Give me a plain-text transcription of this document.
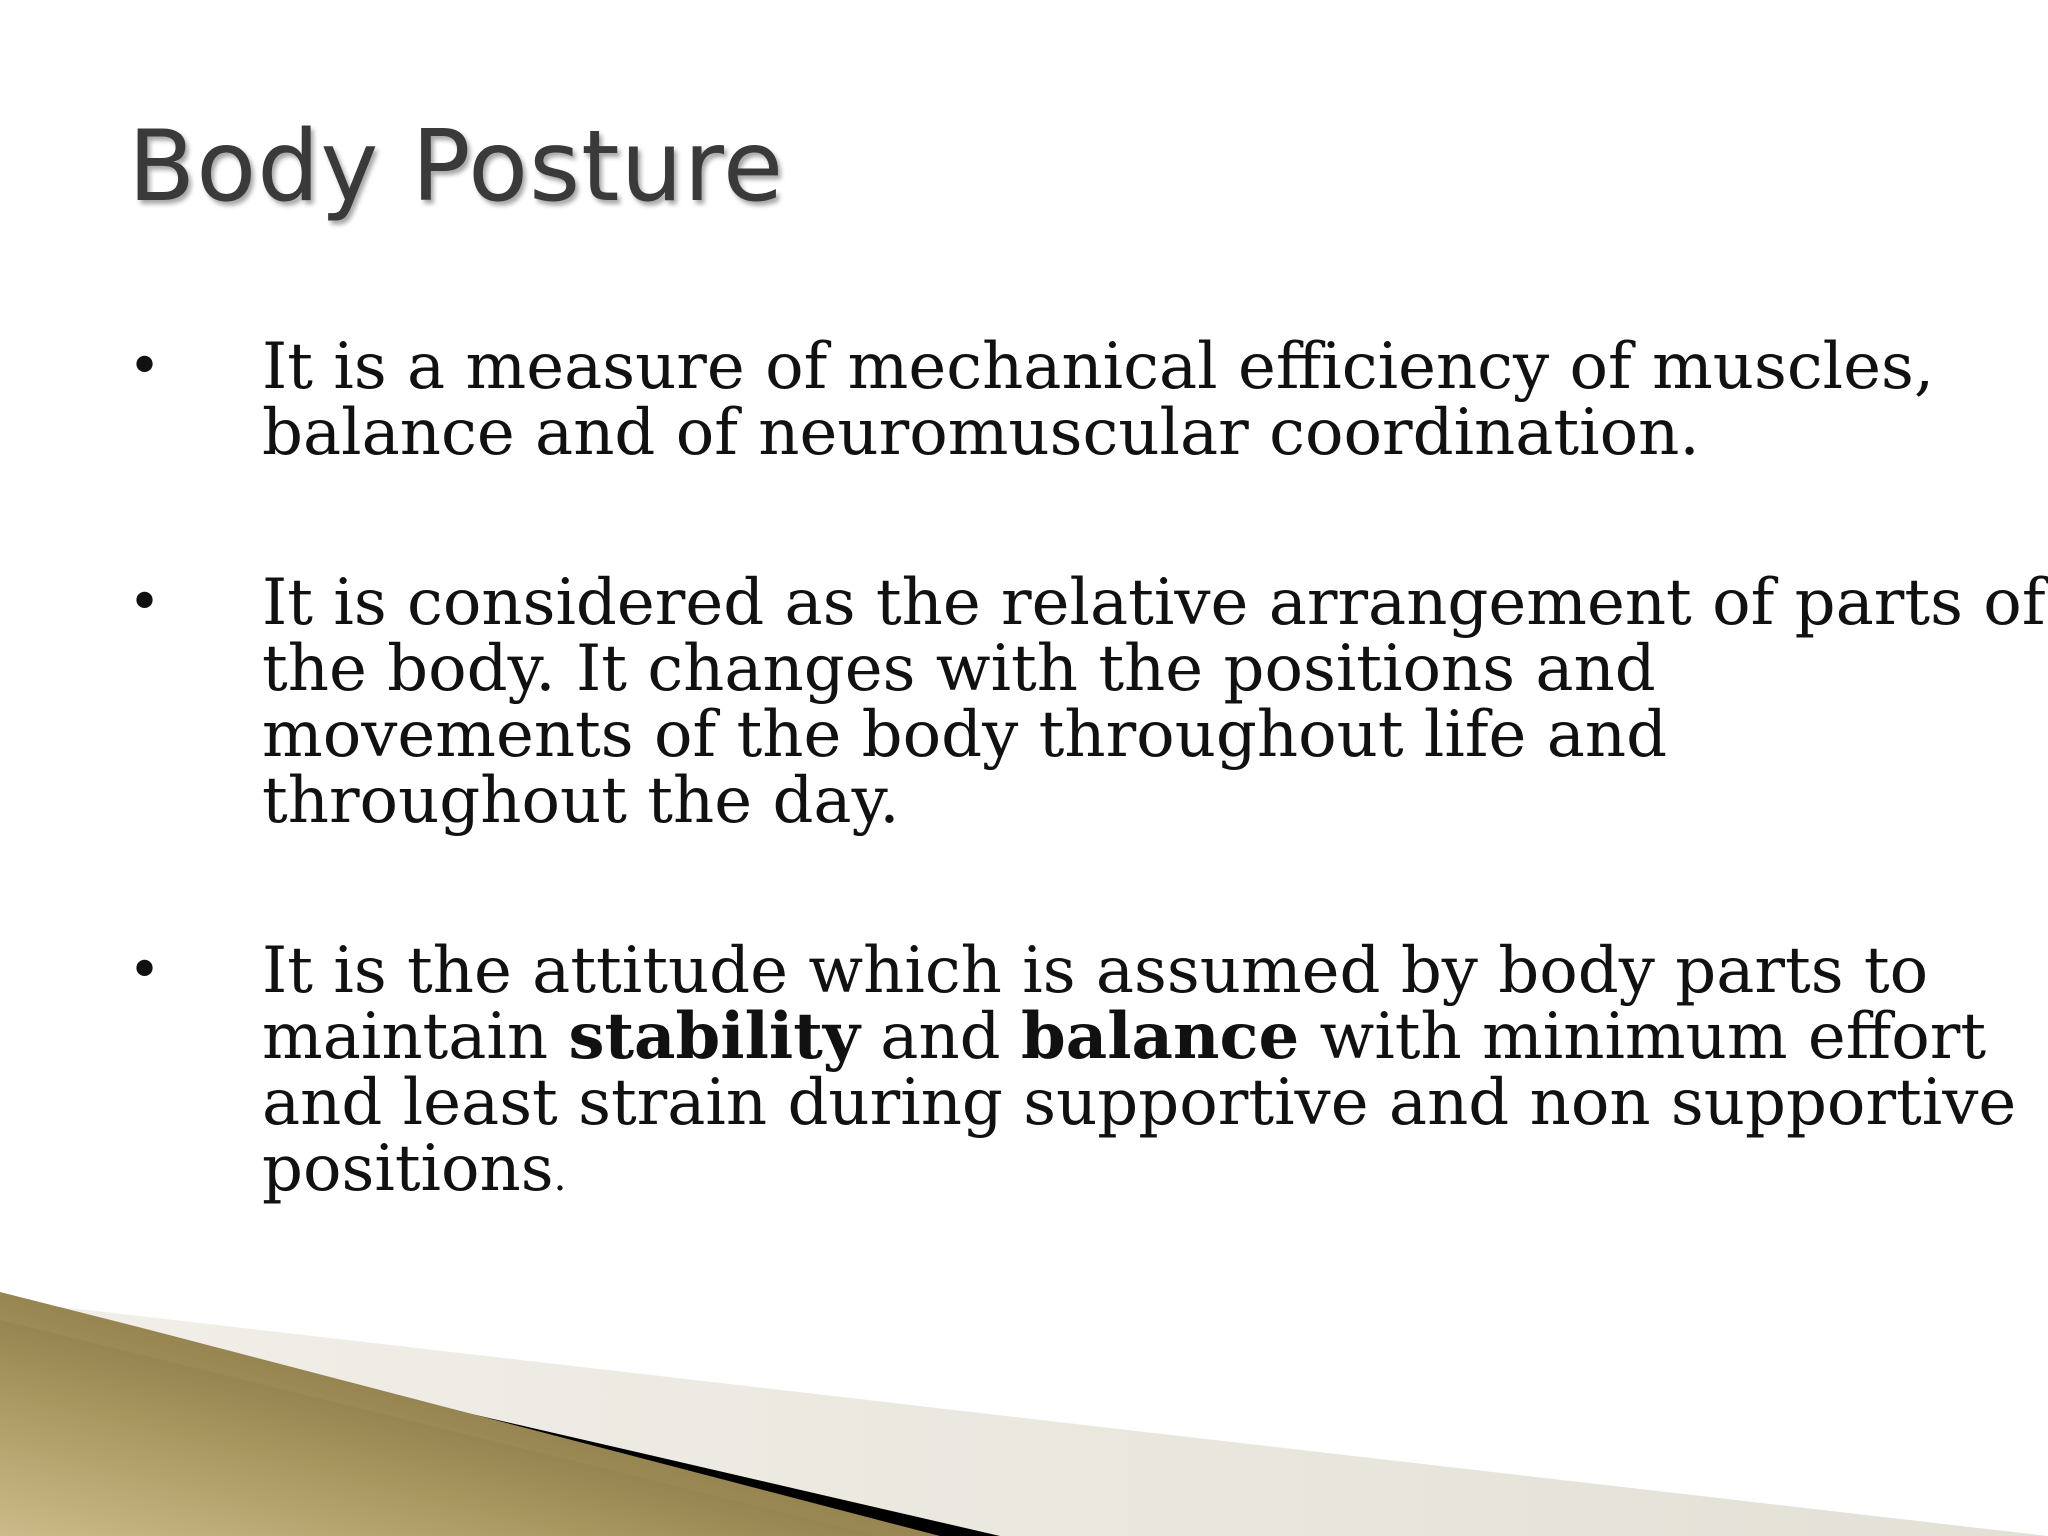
Body Posture
• It is a measure of mechanical efficiency of muscles,
balance and of neuromuscular coordination.
• It is considered as the relative arrangement of parts of
the body. It changes with the positions and
movements of the body throughout life and
throughout the day.
• It is the attitude which is assumed by body parts to
maintain stability and balance with minimum effort
and least strain during supportive and non supportive
positions.
